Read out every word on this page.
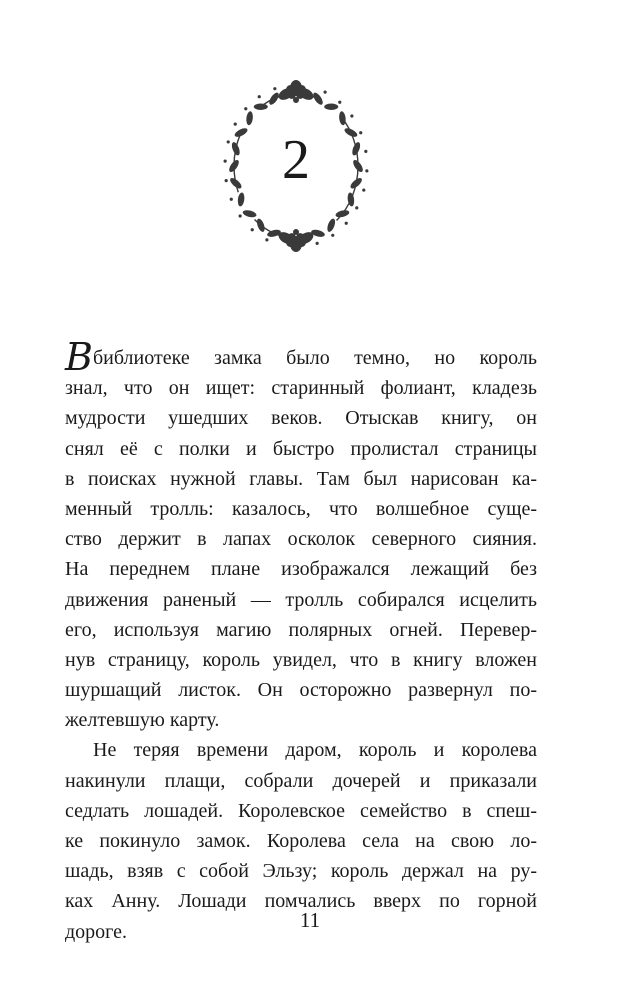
2
В библиотеке замка было темно, но король
знал, что он ищет: старинный фолиант, кладезь
мудрости ушедших веков. Отыскав книгу, он
снял её с полки и быстро пролистал страницы
в поисках нужной главы. Там был нарисован ка-
менный тролль: казалось, что волшебное суще-
ство держит в лапах осколок северного сияния.
На переднем плане изображался лежащий без
движения раненый — тролль собирался исцелить
его, используя магию полярных огней. Перевер-
нув страницу, король увидел, что в книгу вложен
шуршащий листок. Он осторожно развернул по-
желтевшую карту.
Не теряя времени даром, король и королева
накинули плащи, собрали дочерей и приказали
седлать лошадей. Королевское семейство в спеш-
ке покинуло замок. Королева села на свою ло-
шадь, взяв с собой Эльзу; король держал на ру-
ках Анну. Лошади помчались вверх по горной
дороге.	11
